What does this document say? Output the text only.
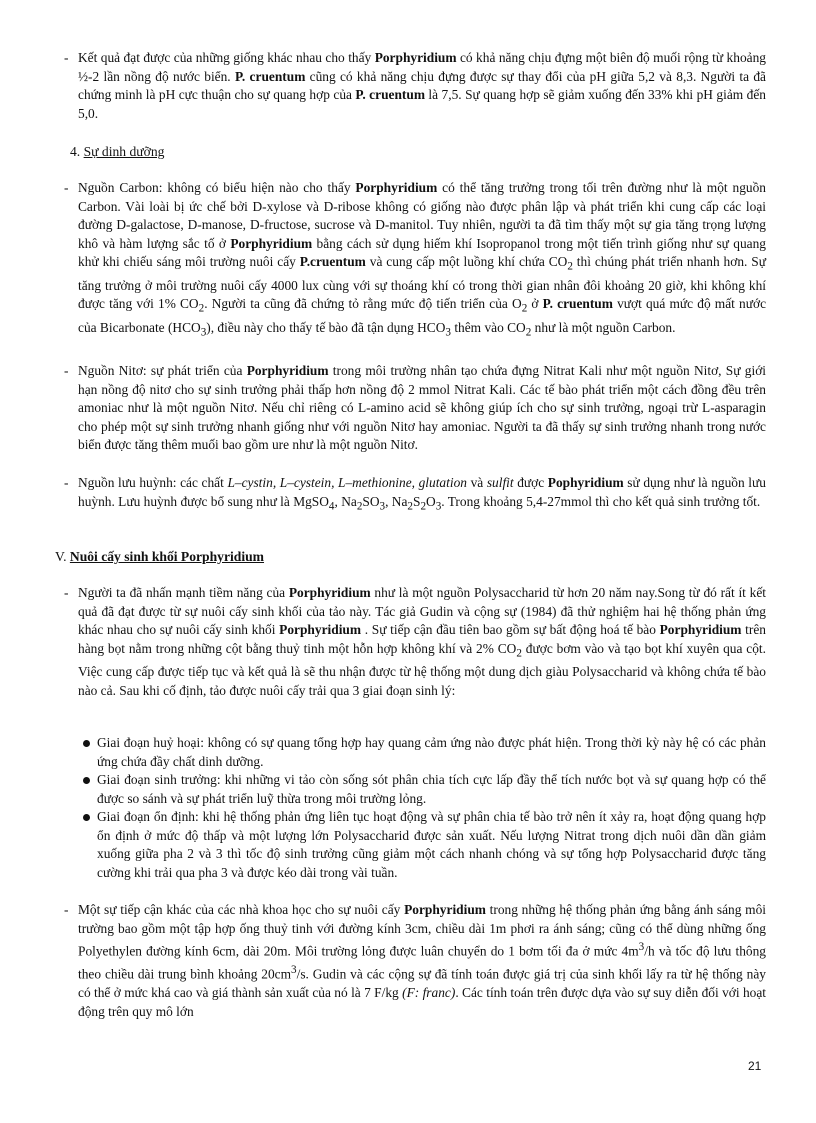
- Kết quả đạt được của những giống khác nhau cho thấy Porphyridium có khả năng chịu đựng một biên độ muối rộng từ khoảng ½-2 lần nồng độ nước biển. P. cruentum cũng có khả năng chịu đựng được sự thay đổi của pH giữa 5,2 và 8,3. Người ta đã chứng minh là pH cực thuận cho sự quang hợp của P. cruentum là 7,5. Sự quang hợp sẽ giảm xuống đến 33% khi pH giảm đến 5,0.

4. Sự dinh dưỡng

- Nguồn Carbon: không có biểu hiện nào cho thấy Porphyridium có thể tăng trưởng trong tối trên đường như là một nguồn Carbon. Vài loài bị ức chế bởi D-xylose và D-ribose không có giống nào được phân lập và phát triển khi cung cấp các loại đường D-galactose, D-manose, D-fructose, sucrose và D-manitol. Tuy nhiên, người ta đã tìm thấy một sự gia tăng trọng lượng khô và hàm lượng sắc tố ở Porphyridium bằng cách sử dụng hiếm khí Isopropanol trong một tiến trình giống như sự quang khử khi chiếu sáng môi trường nuôi cấy P.cruentum và cung cấp một luồng khí chứa $CO_2$ thì chúng phát triển nhanh hơn. Sự tăng trưởng ở môi trường nuôi cấy 4000 lux cùng với sự thoáng khí có trong thời gian nhân đôi khoảng 20 giờ, khi không khí được tăng với 1% $CO_2$. Người ta cũng đã chứng tỏ rằng mức độ tiến triển của $O_2$ ở P. cruentum vượt quá mức độ mất nước của Bicarbonate $(HCO_3)$, điều này cho thấy tế bào đã tận dụng $HCO_3$ thêm vào $CO_2$ như là một nguồn Carbon.

- Nguồn Nitơ: sự phát triển của Porphyridium trong môi trường nhân tạo chứa đựng Nitrat Kali như một nguồn Nitơ, Sự giới hạn nồng độ nitơ cho sự sinh trưởng phải thấp hơn nồng độ 2 mmol Nitrat Kali. Các tế bào phát triển một cách đồng đều trên amoniac như là một nguồn Nitơ. Nếu chỉ riêng có L-amino acid sẽ không giúp ích cho sự sinh trưởng, ngoại trừ L-asparagin cho phép một sự sinh trưởng nhanh giống như với nguồn Nitơ hay amoniac. Người ta đã thấy sự sinh trưởng nhanh trong nước biển được tăng thêm muối bao gồm ure như là một nguồn Nitơ.

- Nguồn lưu huỳnh: các chất L–cystin, L–cystein, L–methionine, glutation và sulfit được Pophyridium sử dụng như là nguồn lưu huỳnh. Lưu huỳnh được bổ sung như là MgSO$_4$, $Na_2SO_3$, $Na_2S_2O_3$. Trong khoảng 5,4-27mmol thì cho kết quả sinh trưởng tốt.

V. Nuôi cấy sinh khối Porphyridium

- Người ta đã nhấn mạnh tiềm năng của Porphyridium như là một nguồn Polysaccharid từ hơn 20 năm nay.Song từ đó rất ít kết quả đã đạt được từ sự nuôi cấy sinh khối của tảo này. Tác giả Gudin và cộng sự (1984) đã thử nghiệm hai hệ thống phản ứng khác nhau cho sự nuôi cấy sinh khối Porphyridium . Sự tiếp cận đầu tiên bao gồm sự bất động hoá tế bào Porphyridium trên hàng bọt nằm trong những cột bằng thuỷ tinh một hỗn hợp không khí và 2% $CO_2$ được bơm vào và tạo bọt khí xuyên qua cột. Việc cung cấp được tiếp tục và kết quả là sẽ thu nhận được từ hệ thống một dung dịch giàu Polysaccharid và không chứa tế bào nào cả. Sau khi cố định, tảo được nuôi cấy trải qua 3 giai đoạn sinh lý:

Giai đoạn huỷ hoại: không có sự quang tổng hợp hay quang cảm ứng nào được phát hiện. Trong thời kỳ này hệ có các phản ứng chứa đầy chất dinh dưỡng.

Giai đoạn sinh trưởng: khi những vi tảo còn sống sót phân chia tích cực lấp đầy thể tích nước bọt và sự quang hợp có thể được so sánh và sự phát triển luỹ thừa trong môi trường lỏng.

Giai đoạn ổn định: khi hệ thống phản ứng liên tục hoạt động và sự phân chia tế bào trở nên ít xảy ra, hoạt động quang hợp ổn định ở mức độ thấp và một lượng lớn Polysaccharid được sản xuất. Nếu lượng Nitrat trong dịch nuôi dần dần giảm xuống giữa pha 2 và 3 thì tốc độ sinh trưởng cũng giảm một cách nhanh chóng và sự tổng hợp Polysaccharid được tăng cường khi trải qua pha 3 và được kéo dài trong vài tuần.

- Một sự tiếp cận khác của các nhà khoa học cho sự nuôi cấy Porphyridium trong những hệ thống phản ứng bằng ánh sáng môi trường bao gồm một tập hợp ống thuỷ tinh với đường kính 3cm, chiều dài 1m phơi ra ánh sáng; cũng có thể dùng những ống Polyethylen đường kính 6cm, dài 20m. Môi trường lỏng được luân chuyển do 1 bơm tối đa ở mức $4m^3/h$ và tốc độ lưu thông theo chiều dài trung bình khoảng $20cm^3/s$. Gudin và các cộng sự đã tính toán được giá trị của sinh khối lấy ra từ hệ thống này có thể ở mức khá cao và giá thành sản xuất của nó là 7 F/kg (F: franc). Các tính toán trên được dựa vào sự suy diễn đối với hoạt động trên quy mô lớn

21
